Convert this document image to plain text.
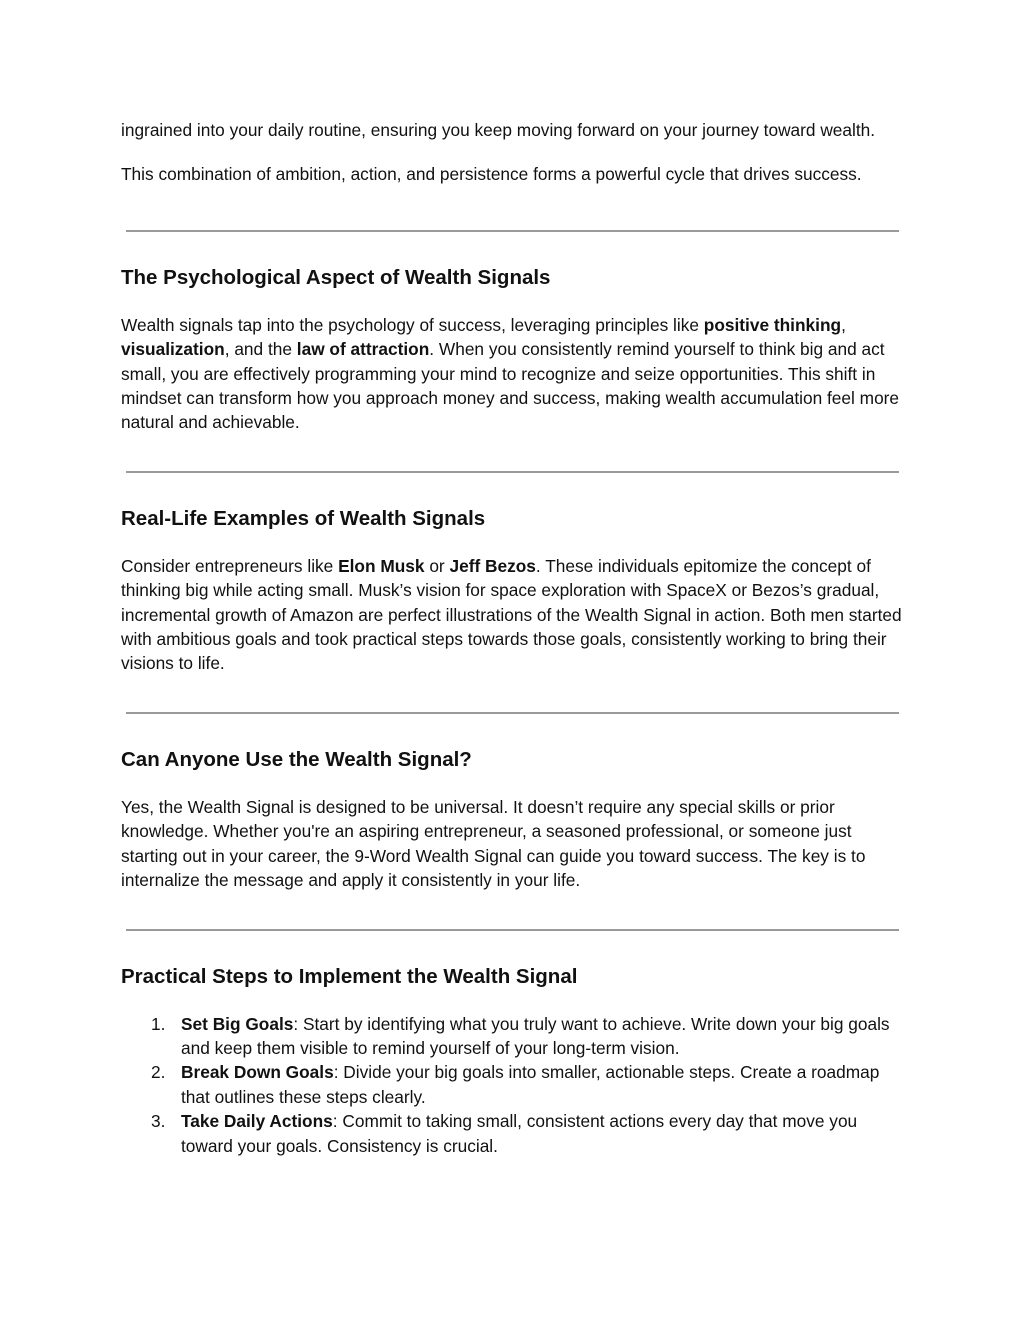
ingrained into your daily routine, ensuring you keep moving forward on your journey toward wealth.

This combination of ambition, action, and persistence forms a powerful cycle that drives success.

The Psychological Aspect of Wealth Signals

Wealth signals tap into the psychology of success, leveraging principles like positive thinking, visualization, and the law of attraction. When you consistently remind yourself to think big and act small, you are effectively programming your mind to recognize and seize opportunities. This shift in mindset can transform how you approach money and success, making wealth accumulation feel more natural and achievable.

Real-Life Examples of Wealth Signals

Consider entrepreneurs like Elon Musk or Jeff Bezos. These individuals epitomize the concept of thinking big while acting small. Musk’s vision for space exploration with SpaceX or Bezos’s gradual, incremental growth of Amazon are perfect illustrations of the Wealth Signal in action. Both men started with ambitious goals and took practical steps towards those goals, consistently working to bring their visions to life.

Can Anyone Use the Wealth Signal?

Yes, the Wealth Signal is designed to be universal. It doesn’t require any special skills or prior knowledge. Whether you're an aspiring entrepreneur, a seasoned professional, or someone just starting out in your career, the 9-Word Wealth Signal can guide you toward success. The key is to internalize the message and apply it consistently in your life.

Practical Steps to Implement the Wealth Signal
1. Set Big Goals: Start by identifying what you truly want to achieve. Write down your big goals and keep them visible to remind yourself of your long-term vision.
2. Break Down Goals: Divide your big goals into smaller, actionable steps. Create a roadmap that outlines these steps clearly.
3. Take Daily Actions: Commit to taking small, consistent actions every day that move you toward your goals. Consistency is crucial.
